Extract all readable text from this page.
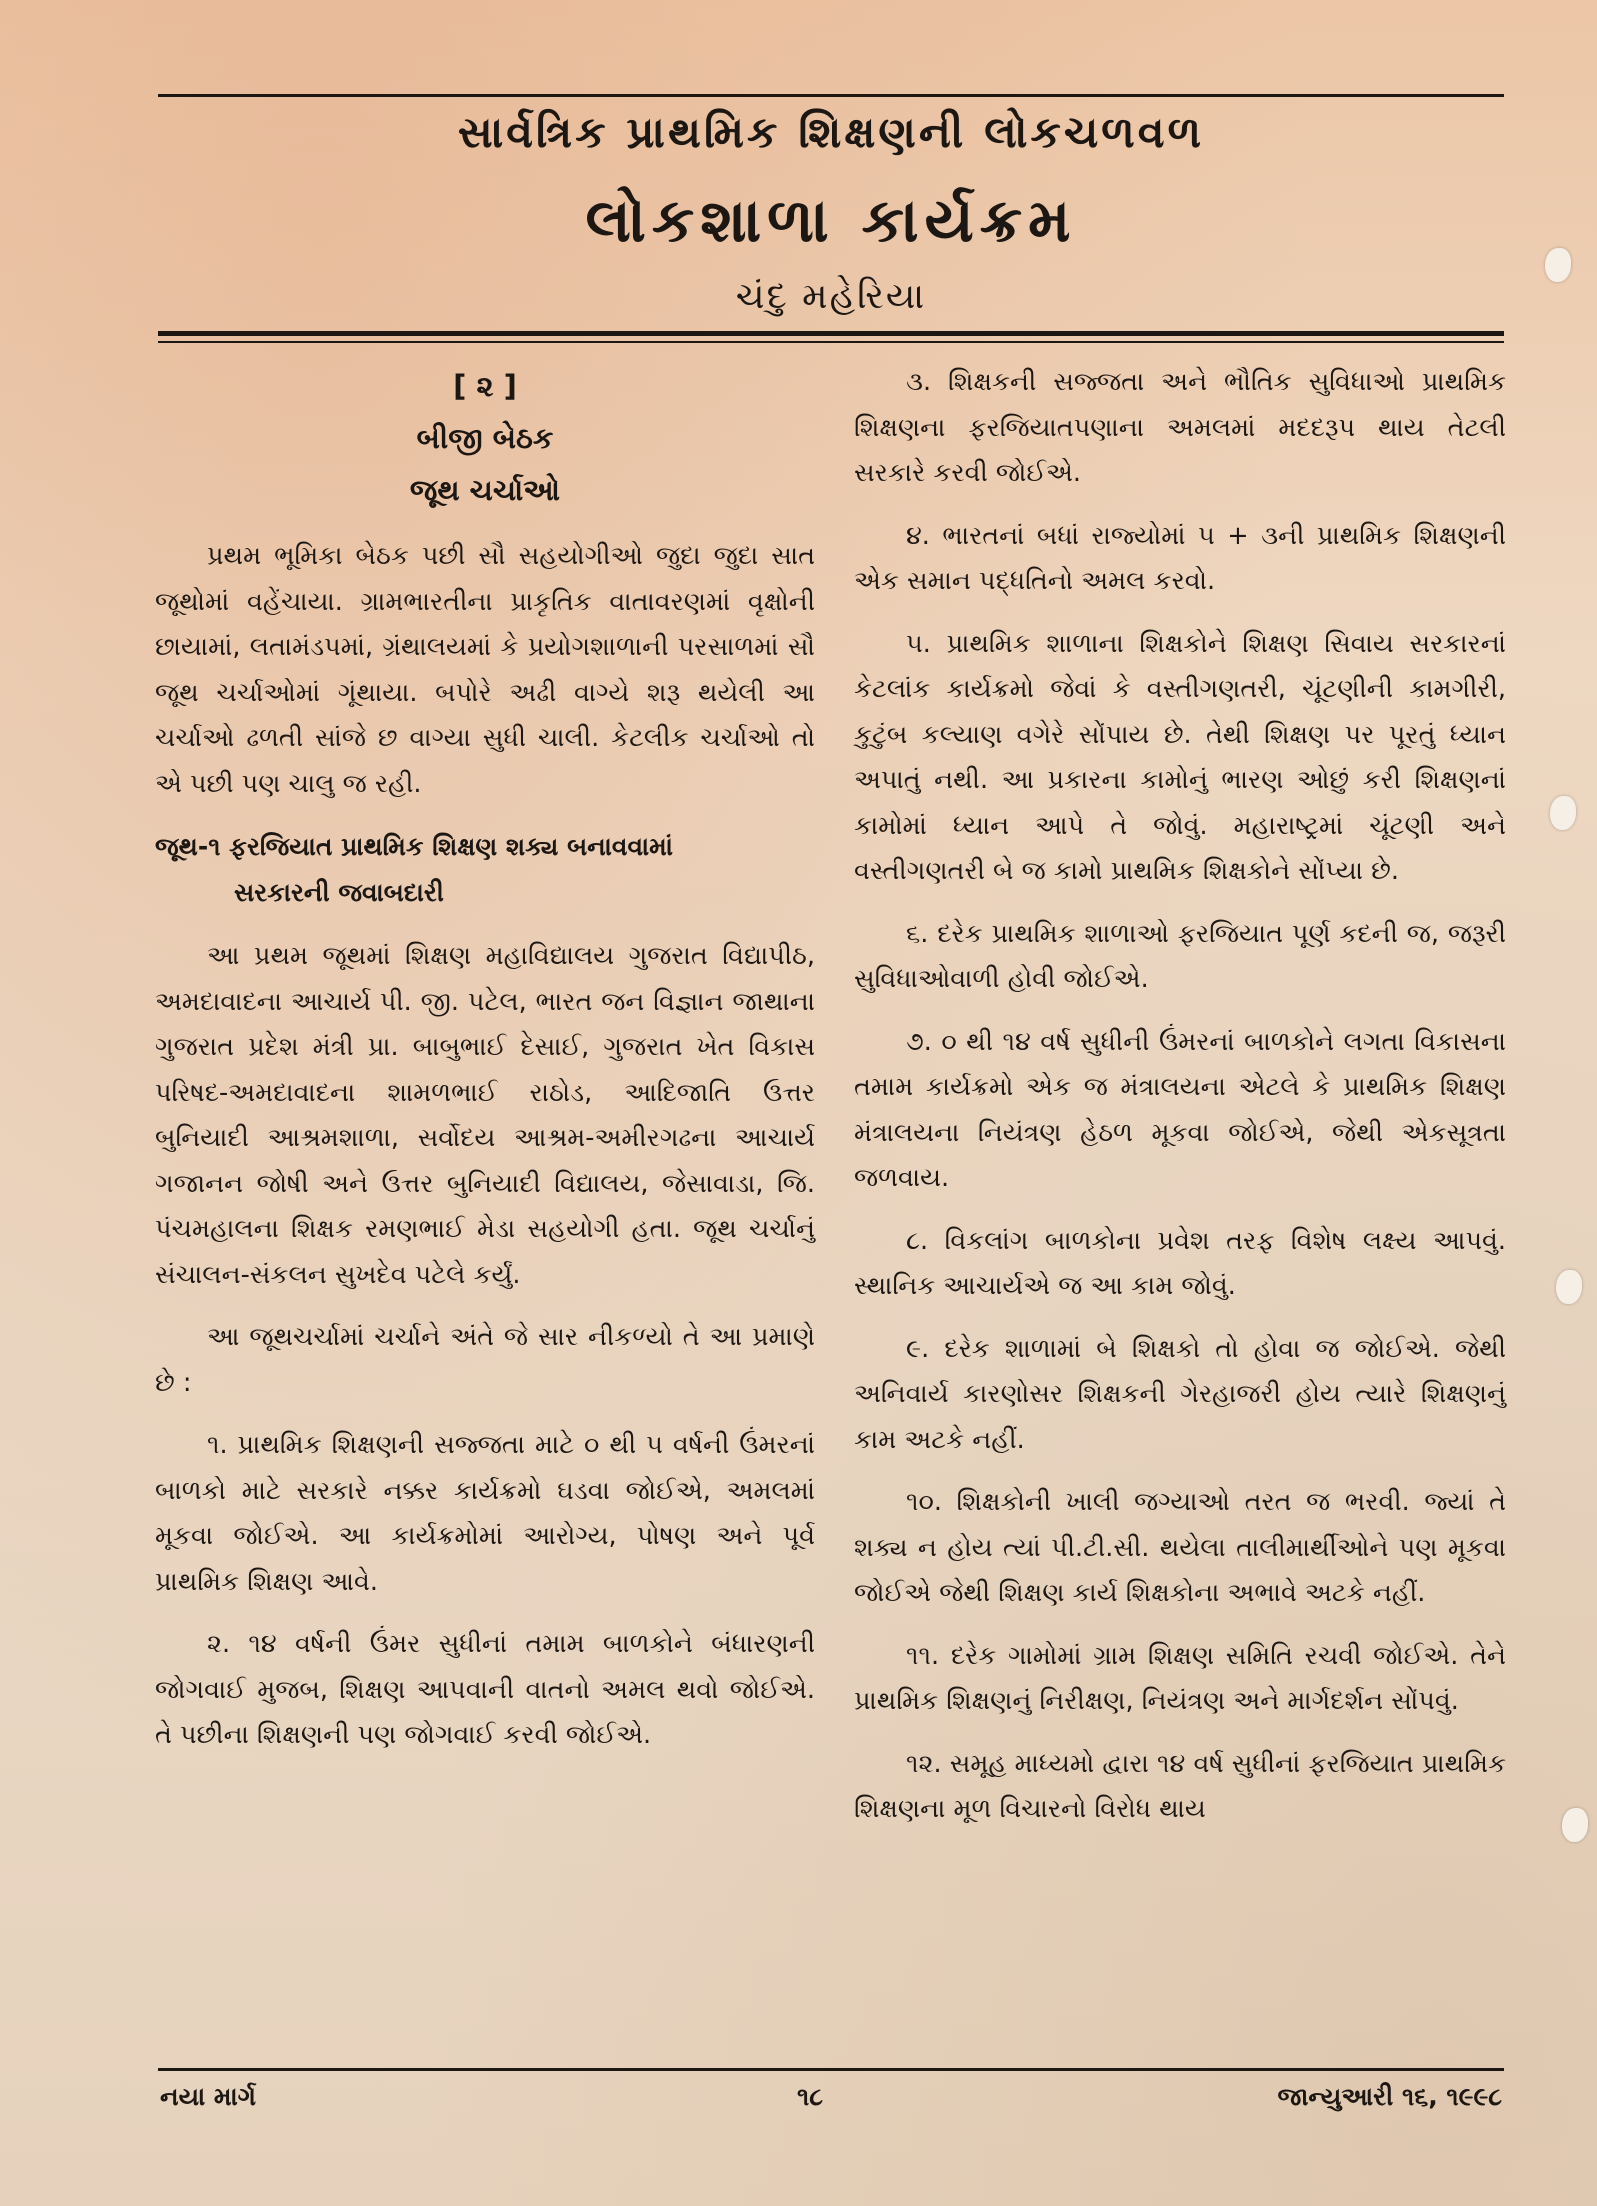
સાર્વત્રિક પ્રાથમિક શિક્ષણની લોકચળવળ
લોકશાળા કાર્યક્રમ
ચંદુ મહેરિયા
[ ૨ ]
બીજી બેઠક
જૂથ ચર્ચાઓ

પ્રથમ ભૂમિકા બેઠક પછી સૌ સહયોગીઓ જુદા જુદા સાત જૂથોમાં વહેંચાયા. ગ્રામભારતીના પ્રાકૃતિક વાતાવરણમાં વૃક્ષોની છાયામાં, લતામંડપમાં, ગ્રંથાલયમાં કે પ્રયોગશાળાની પરસાળમાં સૌ જૂથ ચર્ચાઓમાં ગૂંથાયા. બપોરે અઢી વાગ્યે શરૂ થયેલી આ ચર્ચાઓ ઢળતી સાંજે છ વાગ્યા સુધી ચાલી. કેટલીક ચર્ચાઓ તો એ પછી પણ ચાલુ જ રહી.

જૂથ-૧ ફરજિયાત પ્રાથમિક શિક્ષણ શક્ય બનાવવામાં
સરકારની જવાબદારી

આ પ્રથમ જૂથમાં શિક્ષણ મહાવિદ્યાલય ગુજરાત વિદ્યાપીઠ, અમદાવાદના આચાર્ય પી. જી. પટેલ, ભારત જન વિજ્ઞાન જાથાના ગુજરાત પ્રદેશ મંત્રી પ્રા. બાબુભાઈ દેસાઈ, ગુજરાત ખેત વિકાસ પરિષદ-અમદાવાદના શામળભાઈ રાઠોડ, આદિજાતિ ઉત્તર બુનિયાદી આશ્રમશાળા, સર્વોદય આશ્રમ-અમીરગઢના આચાર્ય ગજાનન જોષી અને ઉત્તર બુનિયાદી વિદ્યાલય, જેસાવાડા, જિ. પંચમહાલના શિક્ષક રમણભાઈ મેડા સહયોગી હતા. જૂથ ચર્ચાનું સંચાલન-સંકલન સુખદેવ પટેલે કર્યું.

આ જૂથચર્ચામાં ચર્ચાને અંતે જે સાર નીકળ્યો તે આ પ્રમાણે છે :

૧. પ્રાથમિક શિક્ષણની સજ્જતા માટે ૦ થી ૫ વર્ષની ઉંમરનાં બાળકો માટે સરકારે નક્કર કાર્યક્રમો ઘડવા જોઈએ, અમલમાં મૂકવા જોઈએ. આ કાર્યક્રમોમાં આરોગ્ય, પોષણ અને પૂર્વ પ્રાથમિક શિક્ષણ આવે.

૨. ૧૪ વર્ષની ઉંમર સુધીનાં તમામ બાળકોને બંધારણની જોગવાઈ મુજબ, શિક્ષણ આપવાની વાતનો અમલ થવો જોઈએ. તે પછીના શિક્ષણની પણ જોગવાઈ કરવી જોઈએ.

૩. શિક્ષકની સજ્જતા અને ભૌતિક સુવિધાઓ પ્રાથમિક શિક્ષણના ફરજિયાતપણાના અમલમાં મદદરૂપ થાય તેટલી સરકારે કરવી જોઈએ.

૪. ભારતનાં બધાં રાજ્યોમાં ૫ + ૩ની પ્રાથમિક શિક્ષણની એક સમાન પદ્ધતિનો અમલ કરવો.

૫. પ્રાથમિક શાળાના શિક્ષકોને શિક્ષણ સિવાય સરકારનાં કેટલાંક કાર્યક્રમો જેવાં કે વસ્તીગણતરી, ચૂંટણીની કામગીરી, કુટુંબ કલ્યાણ વગેરે સોંપાય છે. તેથી શિક્ષણ પર પૂરતું ધ્યાન અપાતું નથી. આ પ્રકારના કામોનું ભારણ ઓછું કરી શિક્ષણનાં કામોમાં ધ્યાન આપે તે જોવું. મહારાષ્ટ્રમાં ચૂંટણી અને વસ્તીગણતરી બે જ કામો પ્રાથમિક શિક્ષકોને સોંપ્યા છે.

૬. દરેક પ્રાથમિક શાળાઓ ફરજિયાત પૂર્ણ કદની જ, જરૂરી સુવિધાઓવાળી હોવી જોઈએ.

૭. ૦ થી ૧૪ વર્ષ સુધીની ઉંમરનાં બાળકોને લગતા વિકાસના તમામ કાર્યક્રમો એક જ મંત્રાલયના એટલે કે પ્રાથમિક શિક્ષણ મંત્રાલયના નિયંત્રણ હેઠળ મૂકવા જોઈએ, જેથી એકસૂત્રતા જળવાય.

૮. વિકલાંગ બાળકોના પ્રવેશ તરફ વિશેષ લક્ષ્ય આપવું. સ્થાનિક આચાર્યએ જ આ કામ જોવું.

૯. દરેક શાળામાં બે શિક્ષકો તો હોવા જ જોઈએ. જેથી અનિવાર્ય કારણોસર શિક્ષકની ગેરહાજરી હોય ત્યારે શિક્ષણનું કામ અટકે નહીં.

૧૦. શિક્ષકોની ખાલી જગ્યાઓ તરત જ ભરવી. જ્યાં તે શક્ય ન હોય ત્યાં પી.ટી.સી. થયેલા તાલીમાર્થીઓને પણ મૂકવા જોઈએ જેથી શિક્ષણ કાર્ય શિક્ષકોના અભાવે અટકે નહીં.

૧૧. દરેક ગામોમાં ગ્રામ શિક્ષણ સમિતિ રચવી જોઈએ. તેને પ્રાથમિક શિક્ષણનું નિરીક્ષણ, નિયંત્રણ અને માર્ગદર્શન સોંપવું.

૧૨. સમૂહ માધ્યમો દ્વારા ૧૪ વર્ષ સુધીનાં ફરજિયાત પ્રાથમિક શિક્ષણના મૂળ વિચારનો વિરોધ થાય

નયા માર્ગ	૧૮	જાન્યુઆરી ૧૬, ૧૯૯૮
